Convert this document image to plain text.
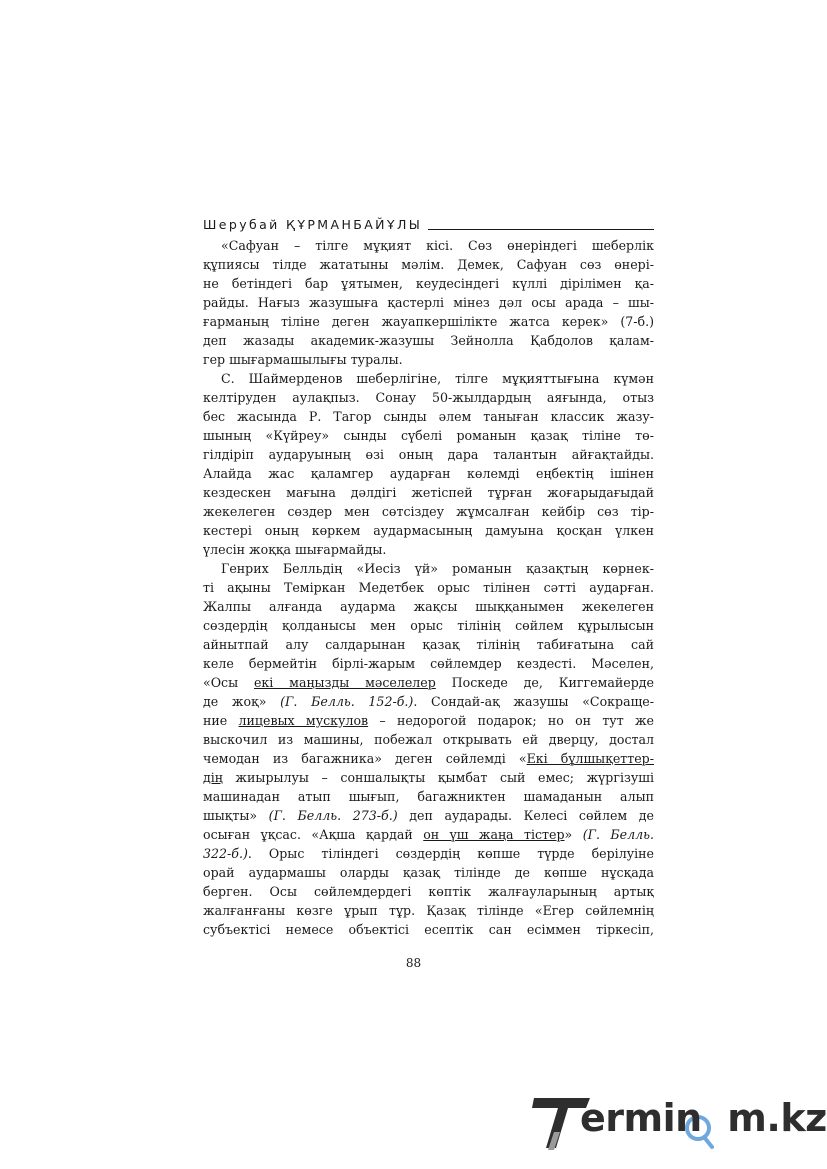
Шерубай ҚҰРМАНБАЙҰЛЫ
«Сафуан – тілге мұқият кісі. Сөз өнеріндегі шеберлік
құпиясы тілде жататыны мәлім. Демек, Сафуан сөз өнері-
не бетіндегі бар ұятымен, кеудесіндегі күллі дірілімен қа-
райды. Нағыз жазушыға қастерлі мінез дәл осы арада – шы-
ғарманың тіліне деген жауапкершілікте жатса керек» (7-б.)
деп жазады академик-жазушы Зейнолла Қабдолов қалам-
гер шығармашылығы туралы.
С. Шаймерденов шеберлігіне, тілге мұқияттығына күмән
келтіруден аулақпыз. Сонау 50-жылдардың аяғында, отыз
бес жасында Р. Тагор сынды әлем таныған классик жазу-
шының «Күйреу» сынды сүбелі романын қазақ тіліне тө-
гілдіріп аударуының өзі оның дара талантын айғақтайды.
Алайда жас қаламгер аударған көлемді еңбектің ішінен
кездескен мағына дәлдігі жетіспей тұрған жоғарыдағыдай
жекелеген сөздер мен сөтсіздеу жұмсалған кейбір сөз тір-
кестері оның көркем аудармасының дамуына қосқан үлкен
үлесін жоққа шығармайды.
Генрих Белльдің «Иесіз үй» романын қазақтың көрнек-
ті ақыны Теміркан Медетбек орыс тілінен сәтті аударған.
Жалпы алғанда аударма жақсы шыққанымен жекелеген
сөздердің қолданысы мен орыс тілінің сөйлем құрылысын
айнытпай алу салдарынан қазақ тілінің табиғатына сай
келе бермейтін бірлі-жарым сөйлемдер кездесті. Мәселен,
«Осы екі маңызды мәселелер Поскеде де, Киггемайерде
де жоқ» (Г. Белль. 152-б.). Сондай-ақ жазушы «Сокраще-
ние лицевых мускулов – недорогой подарок; но он тут же
выскочил из машины, побежал открывать ей дверцу, достал
чемодан из багажника» деген сөйлемді «Екі бұлшықеттер-
дің жиырылуы – соншалықты қымбат сый емес; жүргізуші
машинадан атып шығып, багажниктен шамаданын алып
шықты» (Г. Белль. 273-б.) деп аударады. Келесі сөйлем де
осыған ұқсас. «Ақша қардай он үш жаңа тістер» (Г. Белль.
322-б.). Орыс тіліндегі сөздердің көпше түрде берілуіне
орай аудармашы оларды қазақ тілінде де көпше нұсқада
берген. Осы сөйлемдердегі көптік жалғауларының артық
жалғанғаны көзге ұрып тұр. Қазақ тілінде «Егер сөйлемнің
субъектісі немесе объектісі есептік сан есіммен тіркесіп,
88
ermin m.kz
